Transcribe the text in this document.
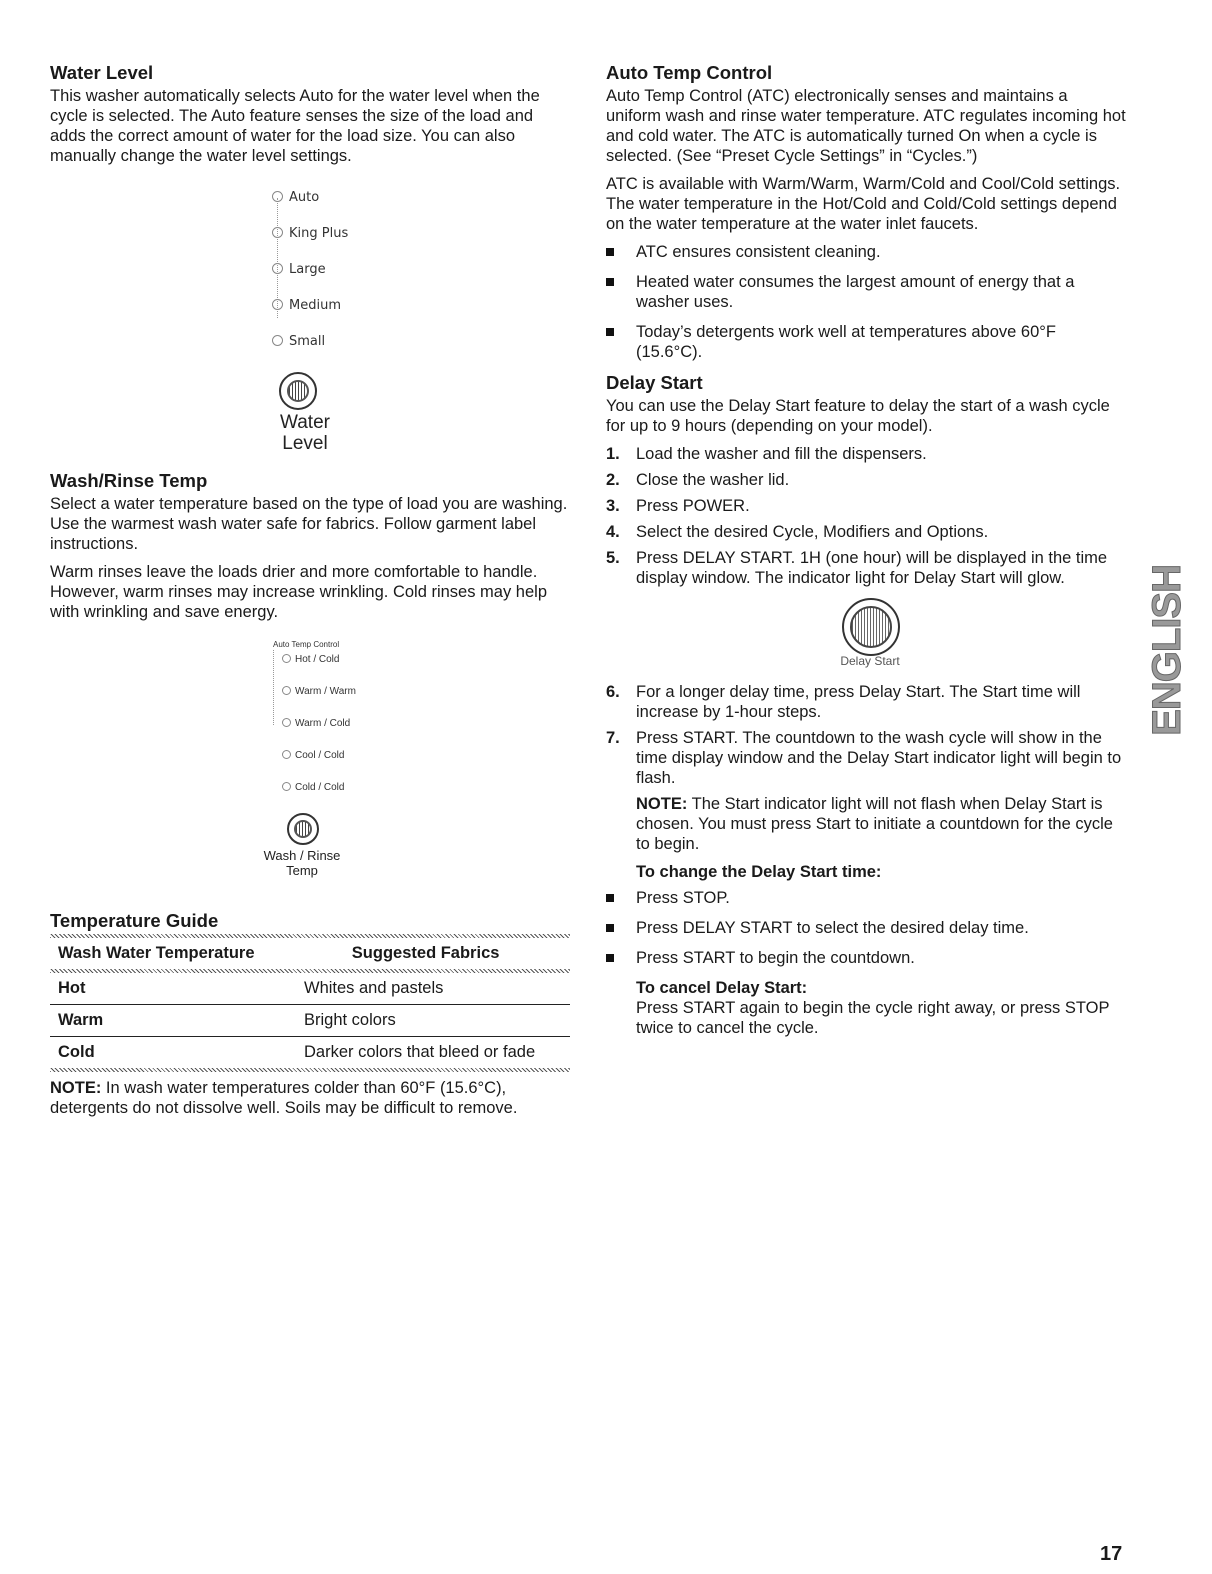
Water Level

This washer automatically selects Auto for the water level when the cycle is selected. The Auto feature senses the size of the load and adds the correct amount of water for the load size. You can also manually change the water level settings.

Auto
King Plus
Large
Medium
Small
Water
Level
Wash/Rinse Temp

Select a water temperature based on the type of load you are washing. Use the warmest wash water safe for fabrics. Follow garment label instructions.

Warm rinses leave the loads drier and more comfortable to handle. However, warm rinses may increase wrinkling. Cold rinses may help with wrinkling and save energy.

Auto Temp Control
Hot / Cold
Warm / Warm
Warm / Cold
Cool / Cold
Cold / Cold
Wash / Rinse
Temp
Temperature Guide
Wash Water Temperature	Suggested Fabrics
Hot	Whites and pastels
Warm	Bright colors
Cold	Darker colors that bleed or fade

NOTE: In wash water temperatures colder than 60°F (15.6°C), detergents do not dissolve well. Soils may be difficult to remove.

Auto Temp Control

Auto Temp Control (ATC) electronically senses and maintains a uniform wash and rinse water temperature. ATC regulates incoming hot and cold water. The ATC is automatically turned On when a cycle is selected. (See “Preset Cycle Settings” in “Cycles.”)

ATC is available with Warm/Warm, Warm/Cold and Cool/Cold settings. The water temperature in the Hot/Cold and Cold/Cold settings depend on the water temperature at the water inlet faucets.

ATC ensures consistent cleaning.
Heated water consumes the largest amount of energy that a washer uses.
Today’s detergents work well at temperatures above 60°F (15.6°C).
Delay Start

You can use the Delay Start feature to delay the start of a wash cycle for up to 9 hours (depending on your model).

1. Load the washer and fill the dispensers.
2. Close the washer lid.
3. Press POWER.
4. Select the desired Cycle, Modifiers and Options.
5. Press DELAY START. 1H (one hour) will be displayed in the time display window. The indicator light for Delay Start will glow.
Delay Start
6. For a longer delay time, press Delay Start. The Start time will increase by 1-hour steps.
7. Press START. The countdown to the wash cycle will show in the time display window and the Delay Start indicator light will begin to flash.

NOTE: The Start indicator light will not flash when Delay Start is chosen. You must press Start to initiate a countdown for the cycle to begin.

To change the Delay Start time:
Press STOP.
Press DELAY START to select the desired delay time.
Press START to begin the countdown.
To cancel Delay Start:

Press START again to begin the cycle right away, or press STOP twice to cancel the cycle.

ENGLISH
17
